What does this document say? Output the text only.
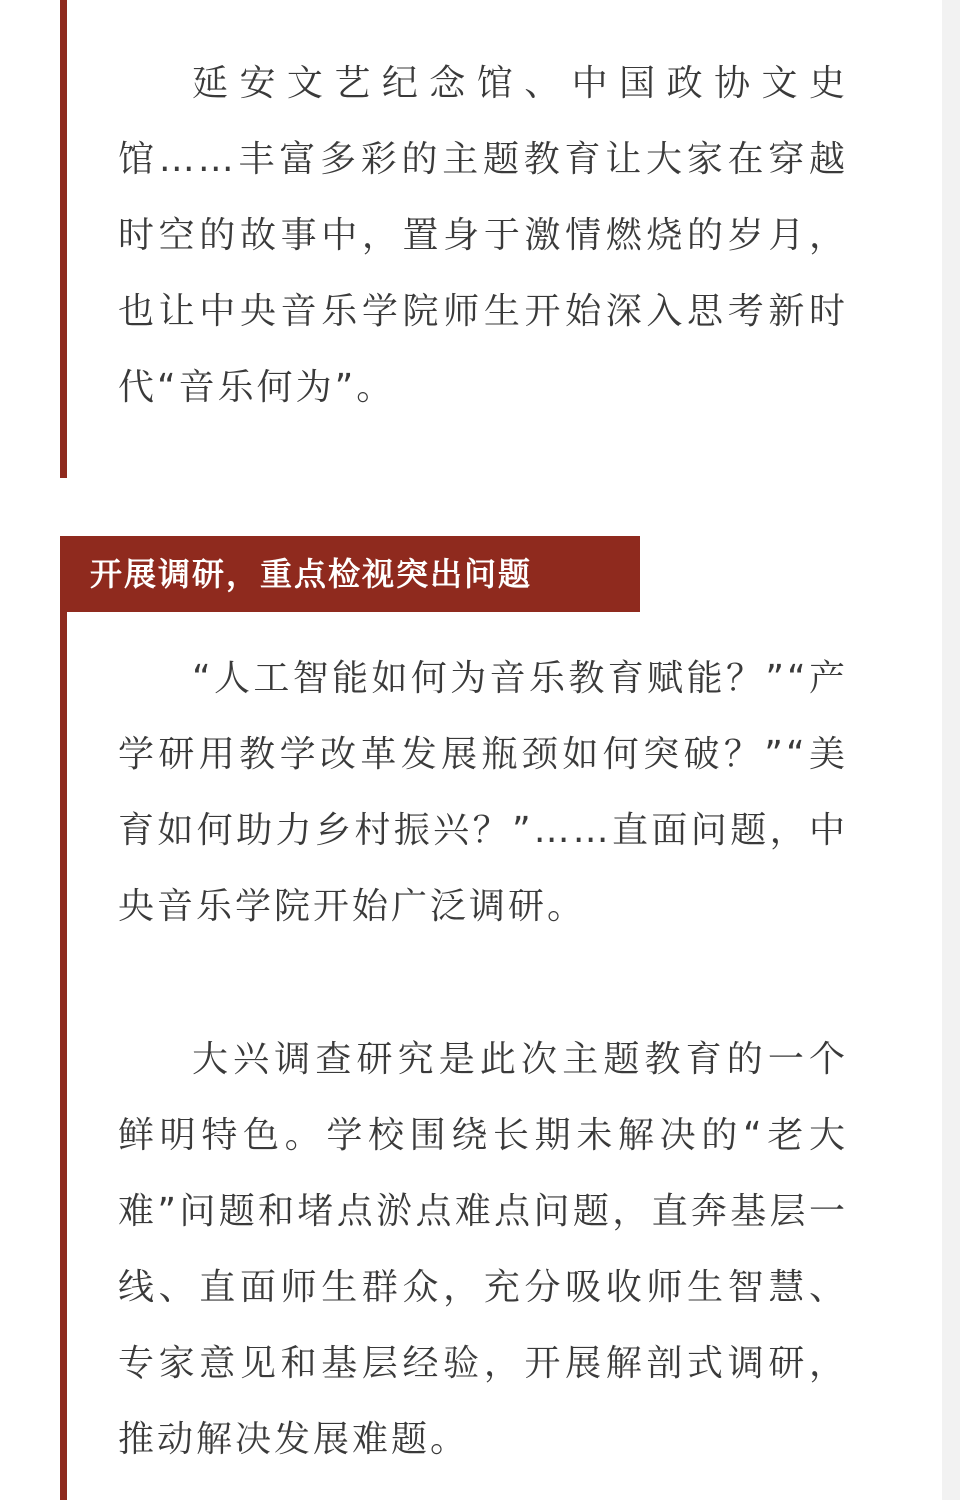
延安文艺纪念馆、中国政协文史馆……丰富多彩的主题教育让大家在穿越时空的故事中，置身于激情燃烧的岁月，也让中央音乐学院师生开始深入思考新时代“音乐何为”。

开展调研，重点检视突出问题

“人工智能如何为音乐教育赋能？”“产学研用教学改革发展瓶颈如何突破？”“美育如何助力乡村振兴？”……直面问题，中央音乐学院开始广泛调研。

大兴调查研究是此次主题教育的一个鲜明特色。学校围绕长期未解决的“老大难”问题和堵点淤点难点问题，直奔基层一线、直面师生群众，充分吸收师生智慧、专家意见和基层经验，开展解剖式调研，推动解决发展难题。
